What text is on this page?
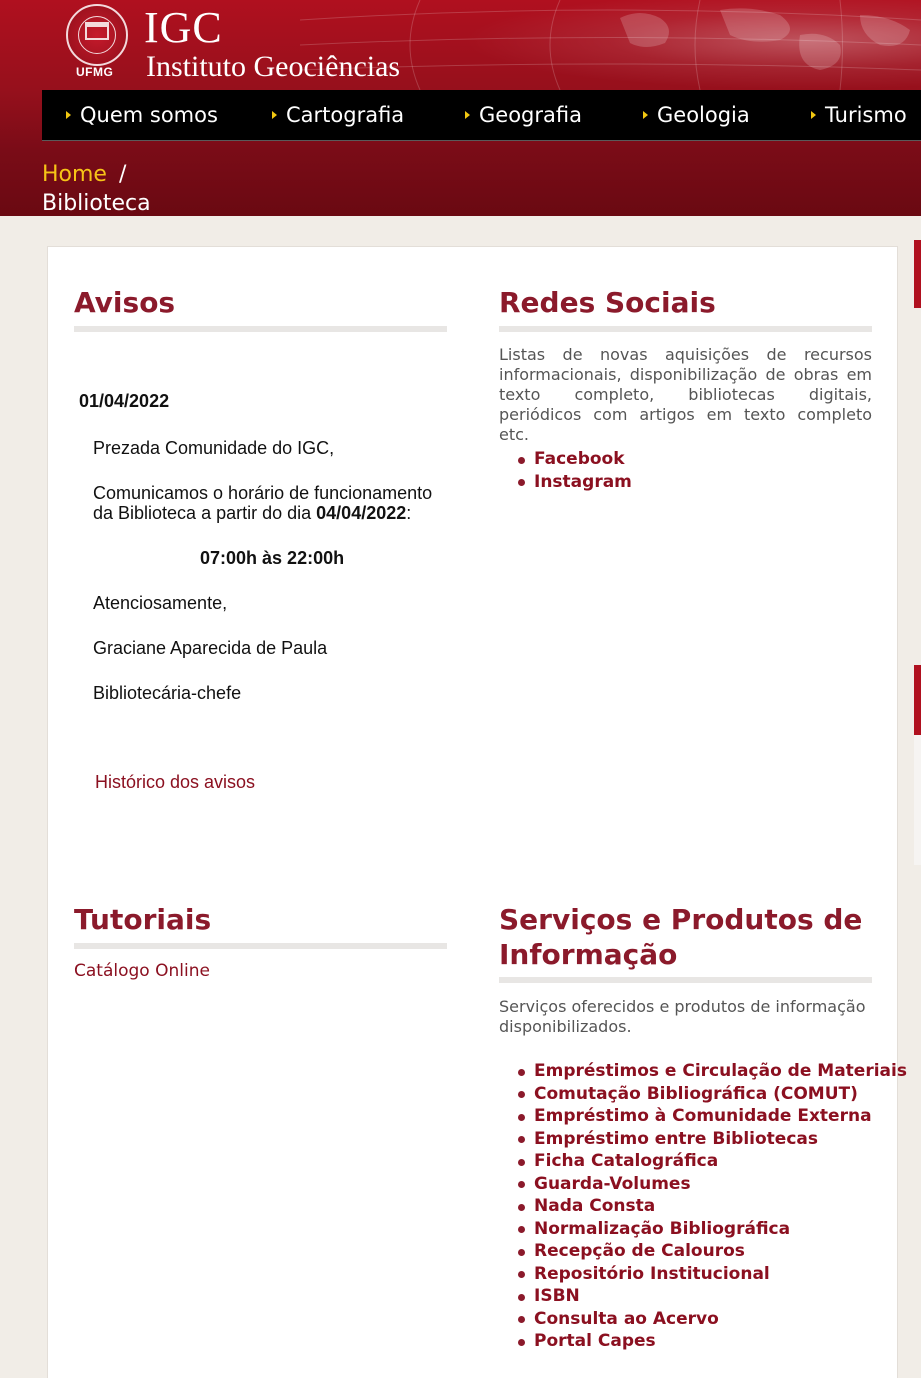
UFMG
IGC
Instituto Geociências
Quem somos	Cartografia	Geografia	Geologia	Turismo
Home /
Biblioteca
Avisos
01/04/2022
Prezada Comunidade do IGC,
Comunicamos o horário de funcionamento
da Biblioteca a partir do dia 04/04/2022:
07:00h às 22:00h
Atenciosamente,
Graciane Aparecida de Paula
Bibliotecária-chefe
Histórico dos avisos
Redes Sociais
Listas de novas aquisições de recursos informacionais, disponibilização de obras em texto completo, bibliotecas digitais, periódicos com artigos em texto completo etc.
Facebook
Instagram
Tutoriais
Catálogo Online
Serviços e Produtos de
Informação
Serviços oferecidos e produtos de informação disponibilizados.
Empréstimos e Circulação de Materiais
Comutação Bibliográfica (COMUT)
Empréstimo à Comunidade Externa
Empréstimo entre Bibliotecas
Ficha Catalográfica
Guarda-Volumes
Nada Consta
Normalização Bibliográfica
Recepção de Calouros
Repositório Institucional
ISBN
Consulta ao Acervo
Portal Capes
